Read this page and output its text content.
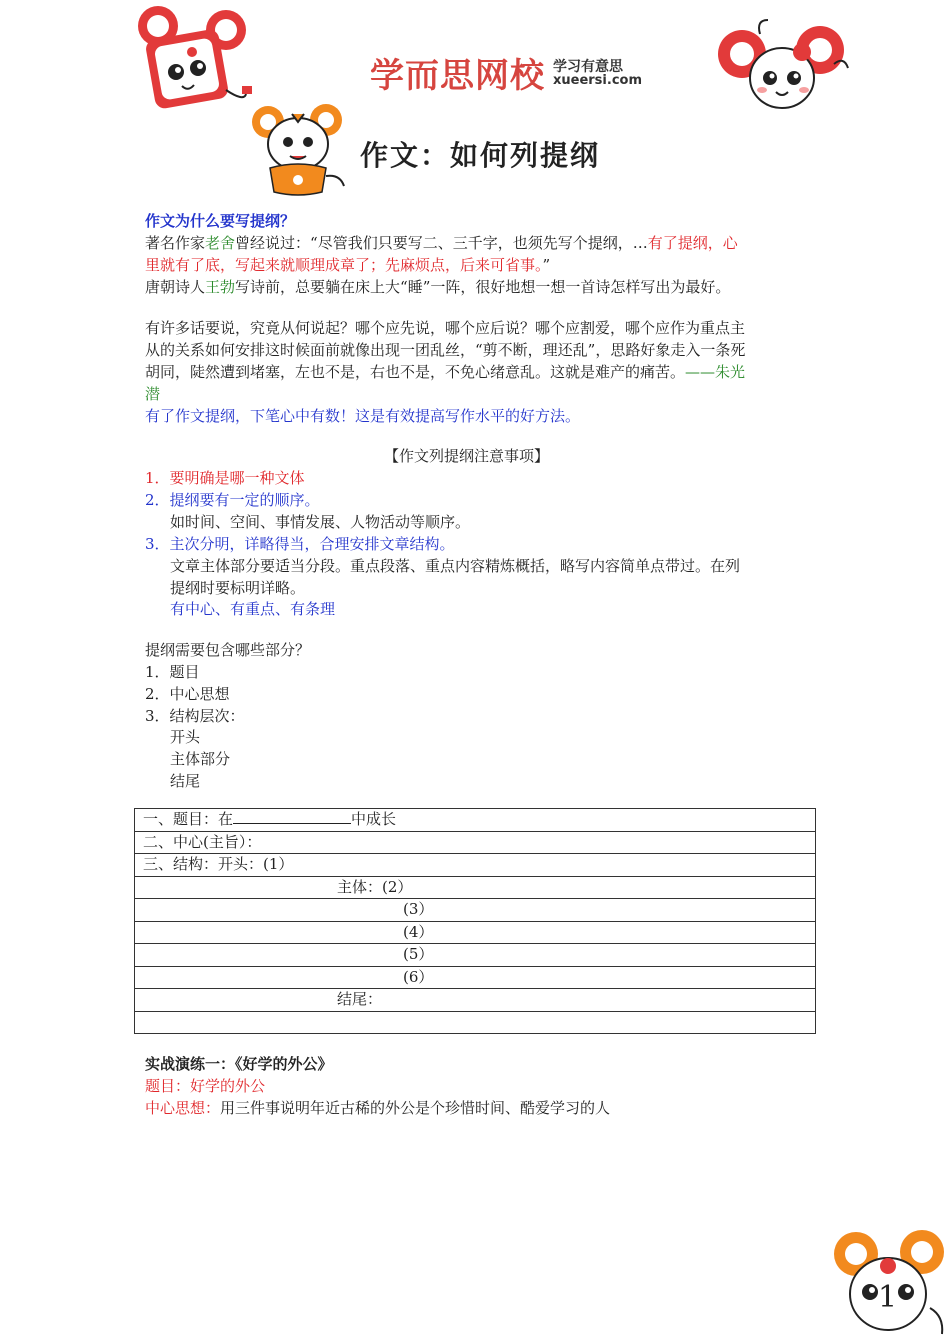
学而思网校 学习有意思
xueersi.com
作文：如何列提纲
作文为什么要写提纲？
著名作家老舍曾经说过：“尽管我们只要写二、三千字，也须先写个提纲，…有了提纲，心
里就有了底，写起来就顺理成章了；先麻烦点，后来可省事。”
唐朝诗人王勃写诗前，总要躺在床上大“睡”一阵，很好地想一想一首诗怎样写出为最好。
有许多话要说，究竟从何说起？哪个应先说，哪个应后说？哪个应割爱，哪个应作为重点主
从的关系如何安排这时候面前就像出现一团乱丝，“剪不断，理还乱”，思路好象走入一条死
胡同，陡然遭到堵塞，左也不是，右也不是，不免心绪意乱。这就是难产的痛苦。——朱光
潜
有了作文提纲，下笔心中有数！这是有效提高写作水平的好方法。
【作文列提纲注意事项】
1．要明确是哪一种文体
2．提纲要有一定的顺序。
如时间、空间、事情发展、人物活动等顺序。
3．主次分明，详略得当，合理安排文章结构。
文章主体部分要适当分段。重点段落、重点内容精炼概括，略写内容简单点带过。在列
提纲时要标明详略。
有中心、有重点、有条理
提纲需要包含哪些部分？
1．题目
2．中心思想
3．结构层次：
开头
主体部分
结尾
一、题目：在	中成长
二、中心(主旨）：
三、结构：开头：(1）
主体：(2）
(3）
(4）
(5）
(6）
结尾：

实战演练一：《好学的外公》
题目：好学的外公
中心思想：用三件事说明年近古稀的外公是个珍惜时间、酷爱学习的人
1
